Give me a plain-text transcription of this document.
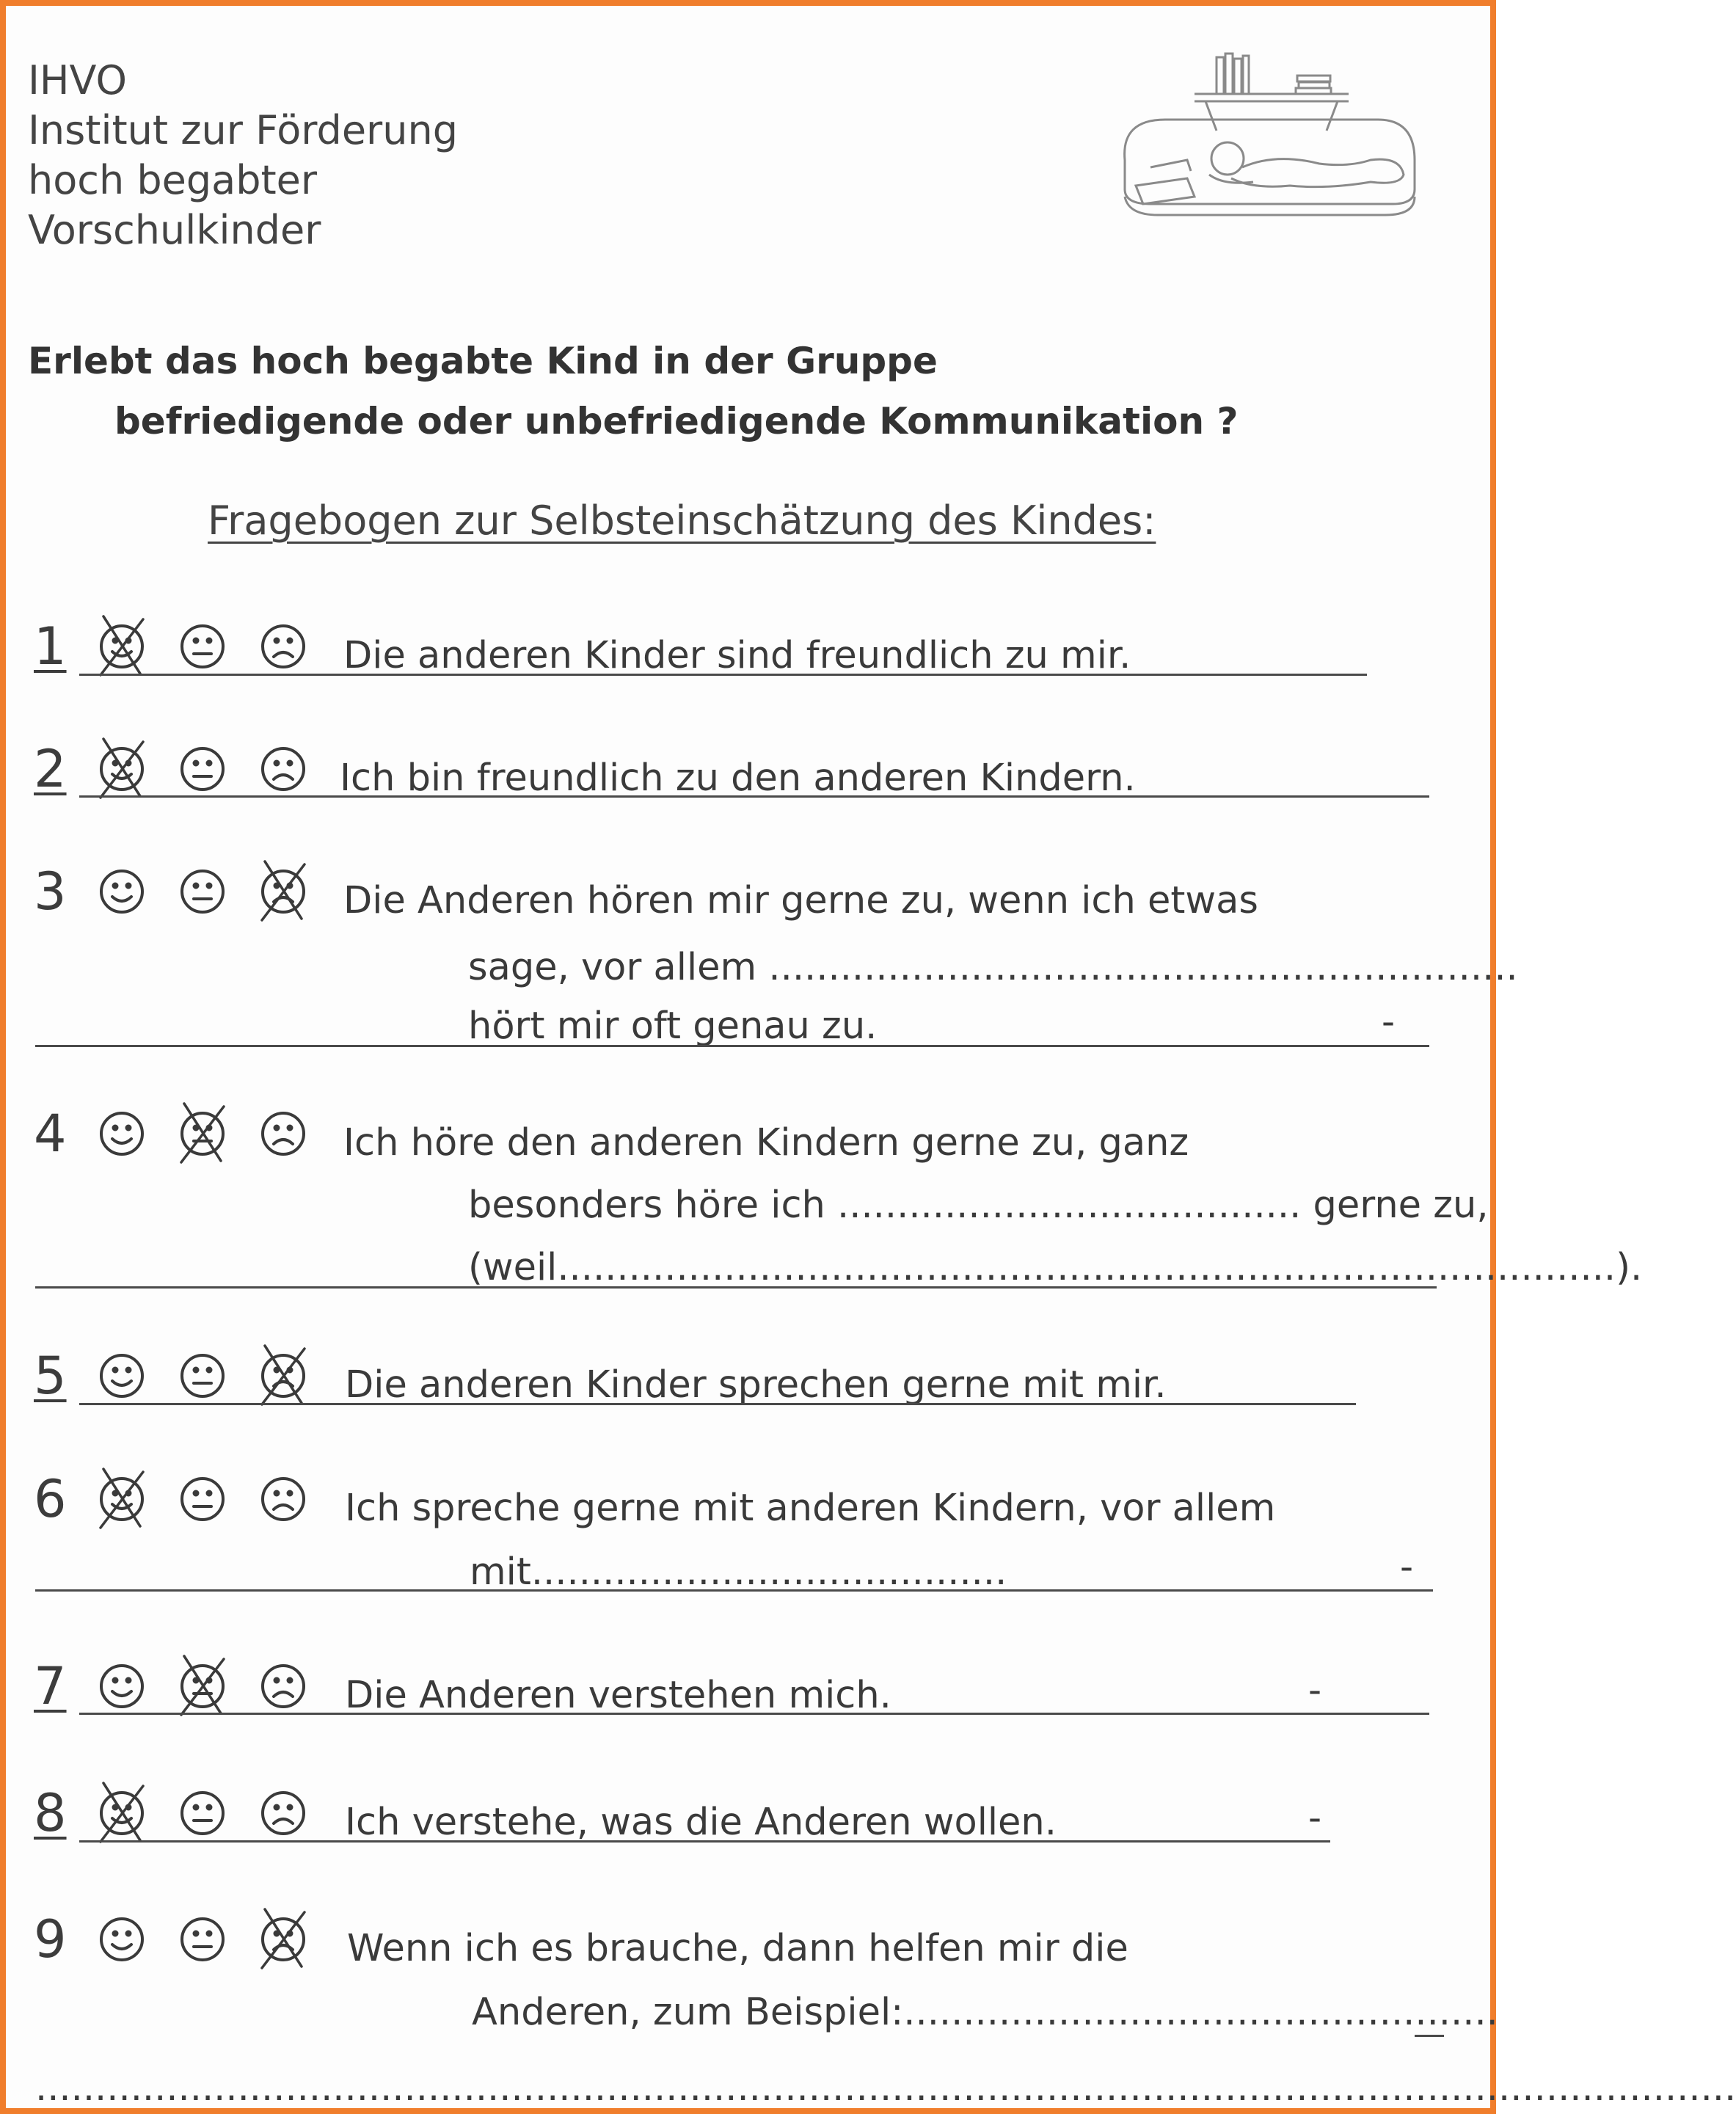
IHVO
Institut zur Förderung
hoch begabter
Vorschulkinder
Erlebt das hoch begabte Kind in der Gruppe
befriedigende oder unbefriedigende Kommunikation ?
Fragebogen zur Selbsteinschätzung des Kindes:
1	Die anderen Kinder sind freundlich zu mir.
2	Ich bin freundlich zu den anderen Kindern.
3	Die Anderen hören mir gerne zu, wenn ich etwas
sage, vor allem ...............................................................
hört mir oft genau zu.	-
4	Ich höre den anderen Kindern gerne zu, ganz
besonders höre ich ....................................... gerne zu,
(weil.........................................................................................).
5	Die anderen Kinder sprechen gerne mit mir.
6	Ich spreche gerne mit anderen Kindern, vor allem
mit........................................	-
7	Die Anderen verstehen mich.	-
8	Ich verstehe, was die Anderen wollen.	-
9	Wenn ich es brauche, dann helfen mir die
Anderen, zum Beispiel:..................................................
...............................................................................................................................................
